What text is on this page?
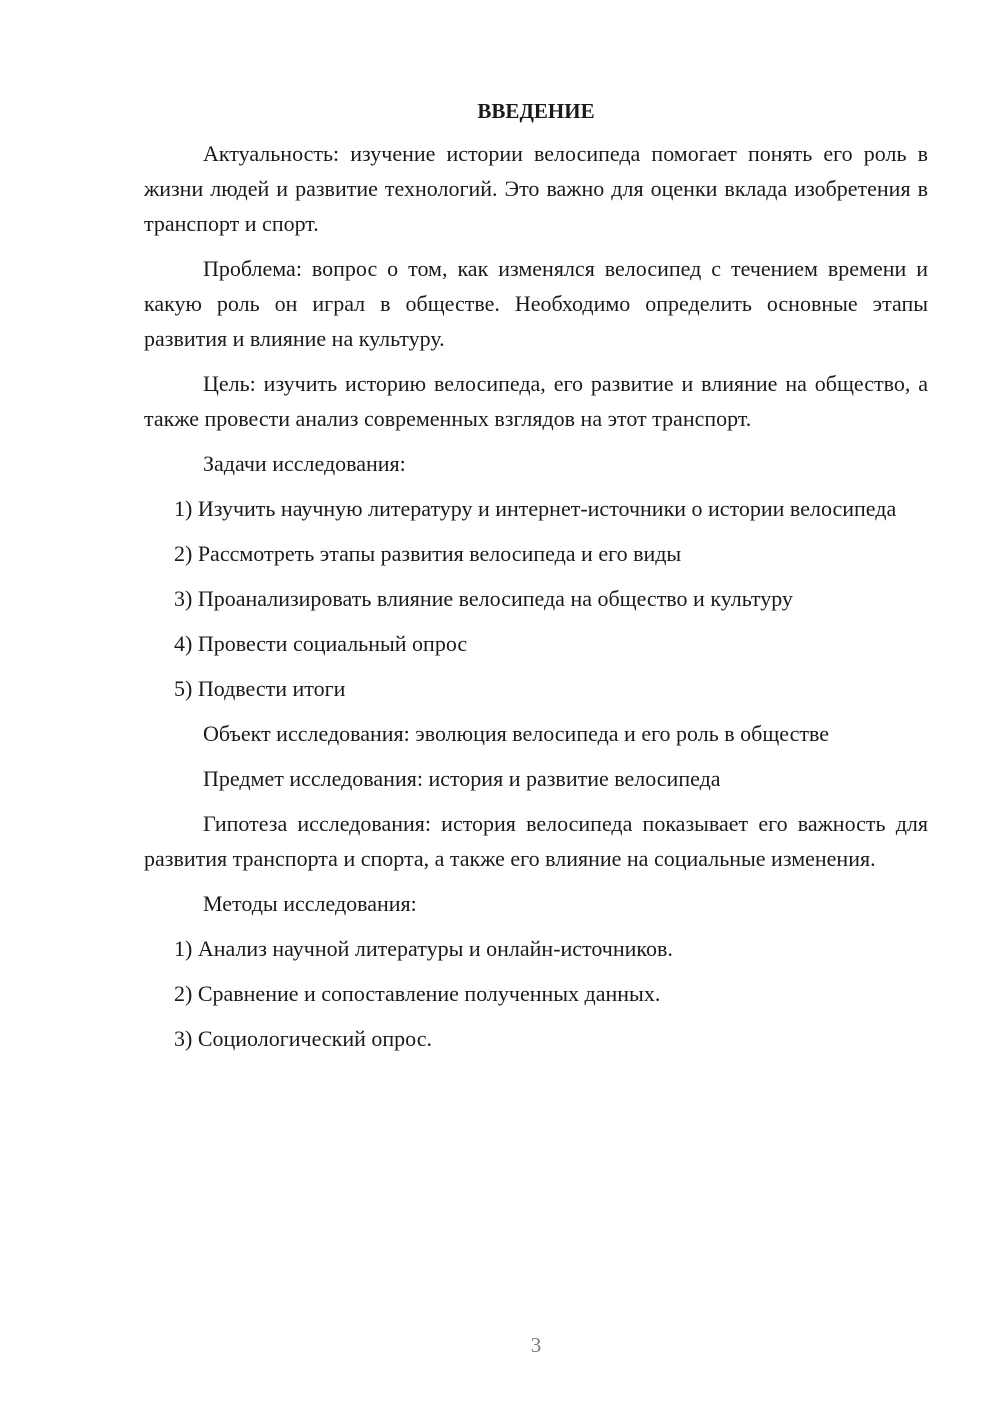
ВВЕДЕНИЕ

Актуальность: изучение истории велосипеда помогает понять его роль в жизни людей и развитие технологий. Это важно для оценки вклада изобретения в транспорт и спорт.

Проблема: вопрос о том, как изменялся велосипед с течением времени и какую роль он играл в обществе. Необходимо определить основные этапы развития и влияние на культуру.

Цель: изучить историю велосипеда, его развитие и влияние на общество, а также провести анализ современных взглядов на этот транспорт.

Задачи исследования:

1) Изучить научную литературу и интернет-источники о истории велосипеда

2) Рассмотреть этапы развития велосипеда и его виды

3) Проанализировать влияние велосипеда на общество и культуру

4) Провести социальный опрос

5) Подвести итоги

Объект исследования: эволюция велосипеда и его роль в обществе

Предмет исследования: история и развитие велосипеда

Гипотеза исследования: история велосипеда показывает его важность для развития транспорта и спорта, а также его влияние на социальные изменения.

Методы исследования:

1) Анализ научной литературы и онлайн-источников.

2) Сравнение и сопоставление полученных данных.

3) Социологический опрос.

3
